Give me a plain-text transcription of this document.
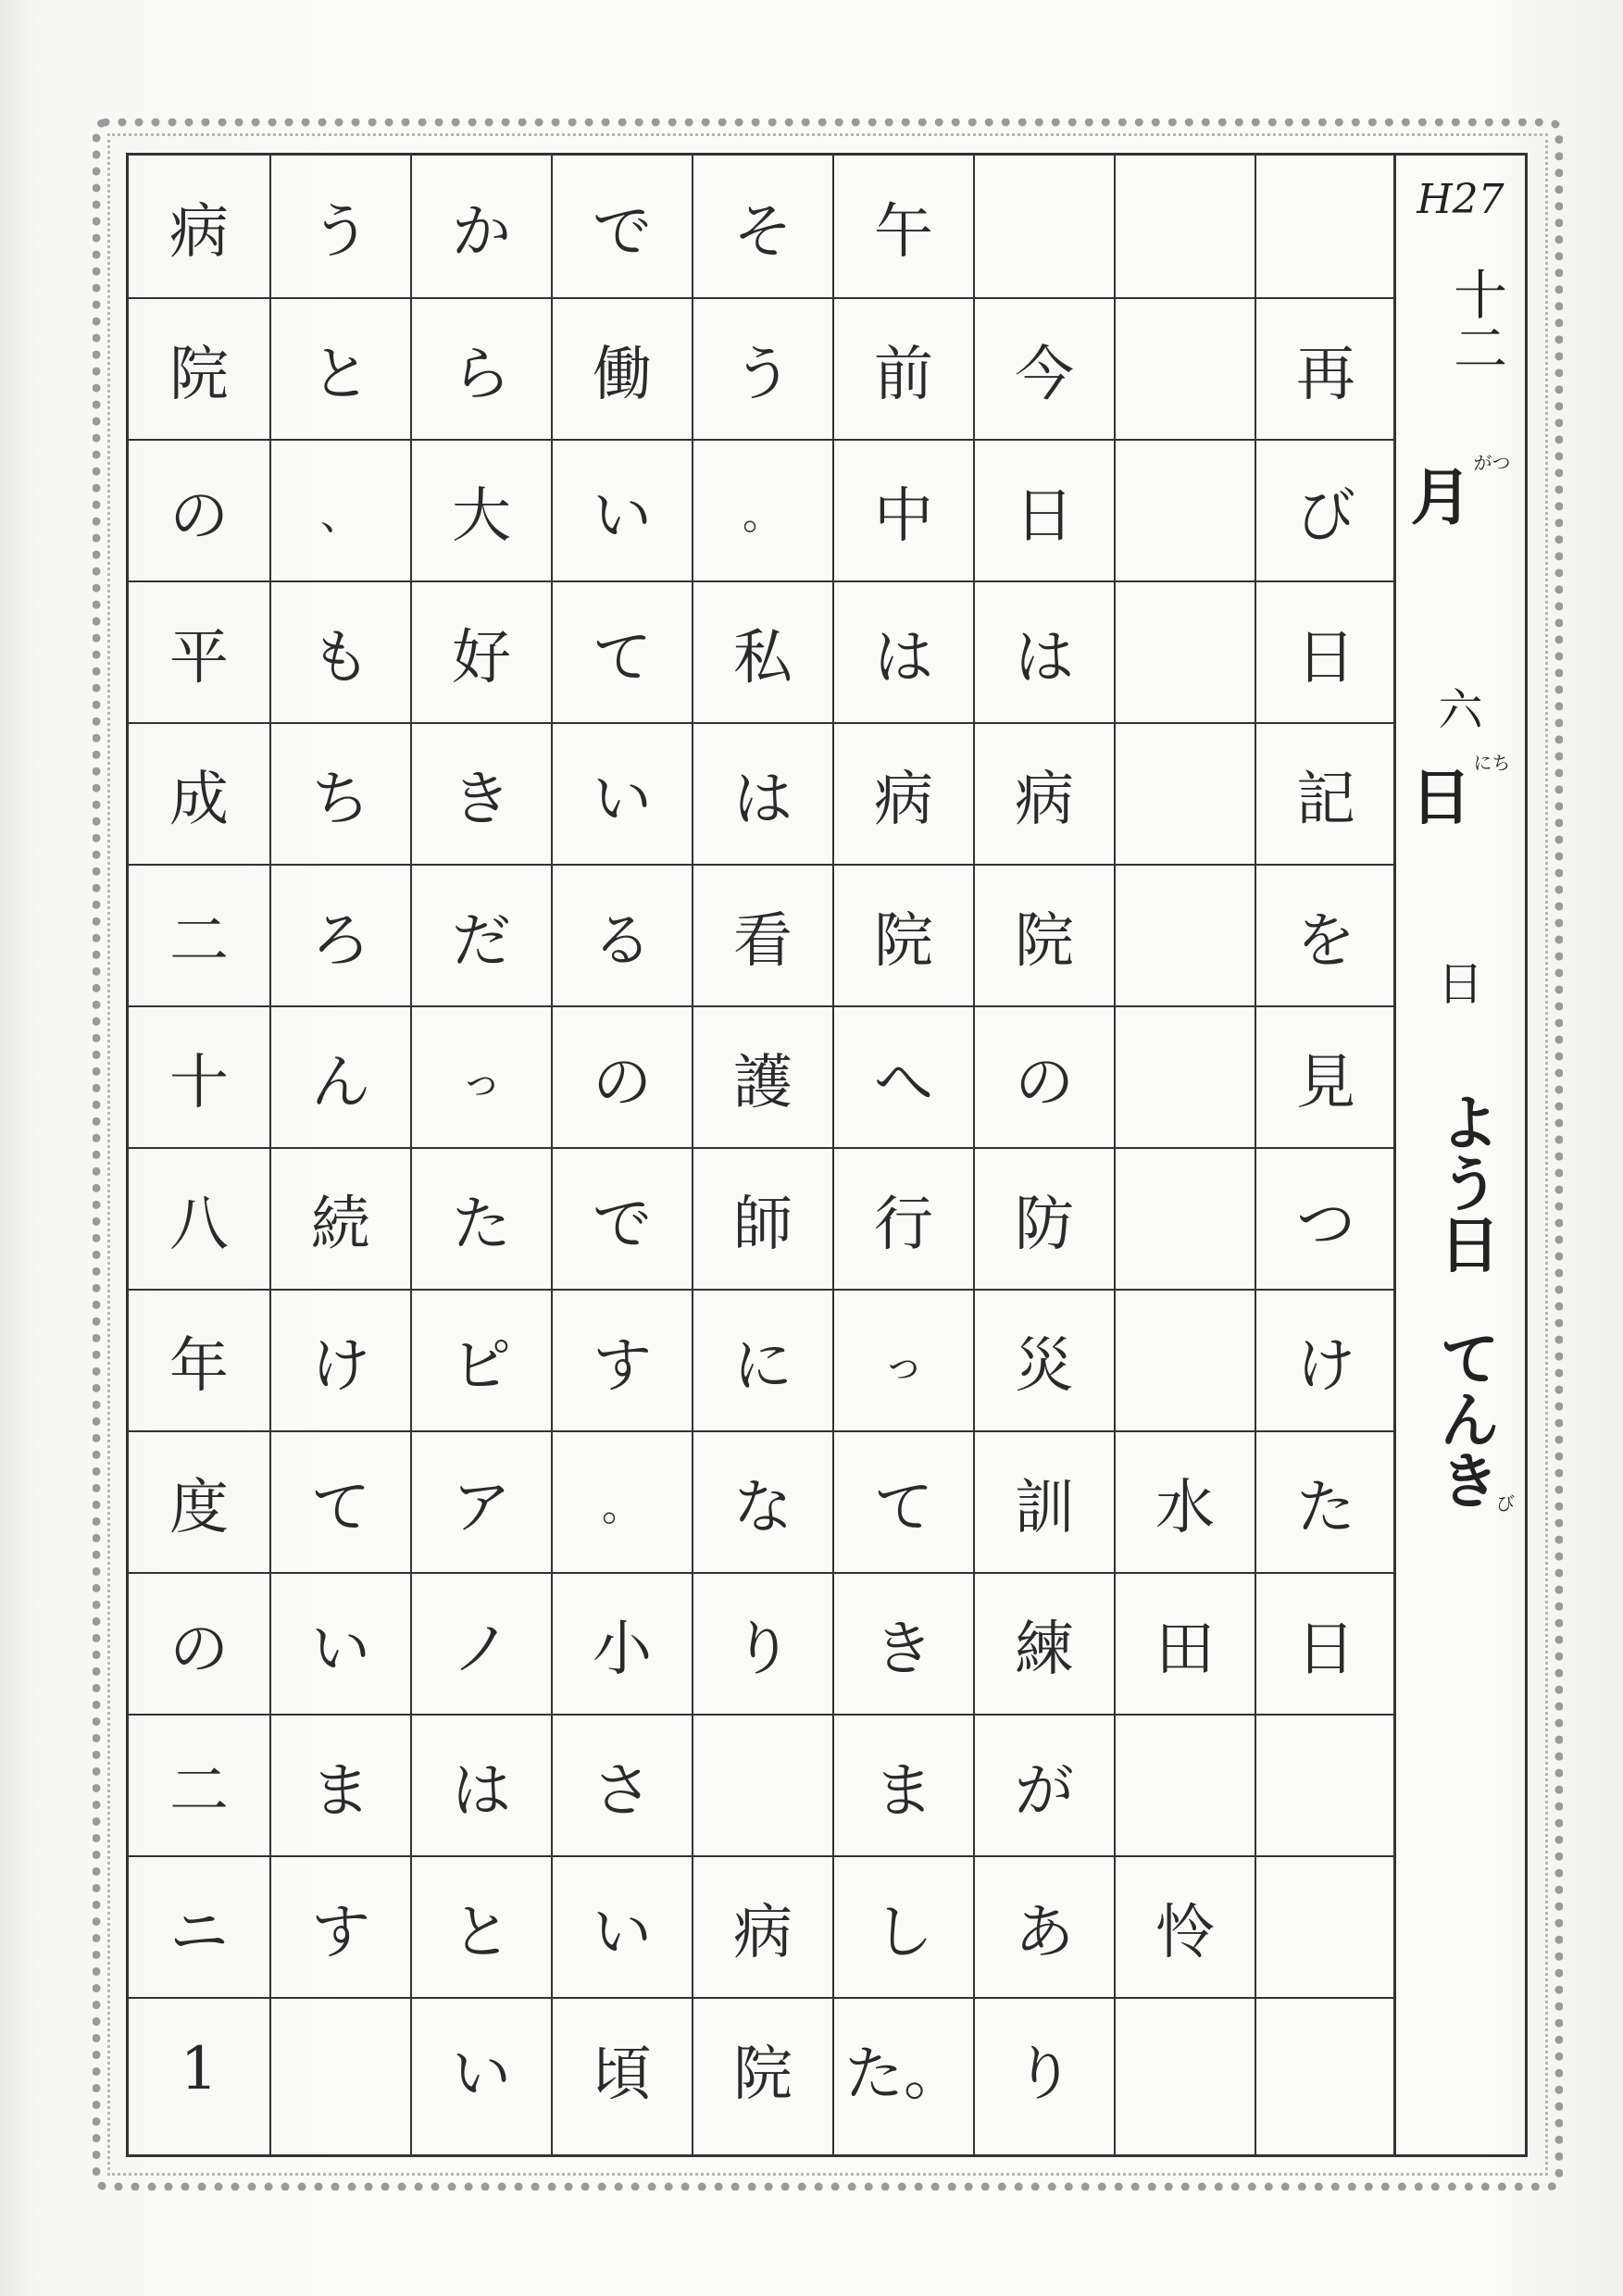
再
び
日
記
を
見
つ
け
た
日
水
田
怜
今
日
は
病
院
の
防
災
訓
練
が
あ
り
午
前
中
は
病
院
へ
行
っ
て
き
ま
し
た。
そ
う
。
私
は
看
護
師
に
な
り
病
院
で
働
い
て
い
る
の
で
す
。
小
さ
い
頃
か
ら
大
好
き
だ
っ
た
ピ
ア
ノ
は
と
い
う
と
、
も
ち
ろ
ん
続
け
て
い
ま
す
病
院
の
平
成
二
十
八
年
度
の
二
ニ
1
H27
十二
月 $^{がつ}$
六
日 $^{にち}$
日
よう日
び
てんき
